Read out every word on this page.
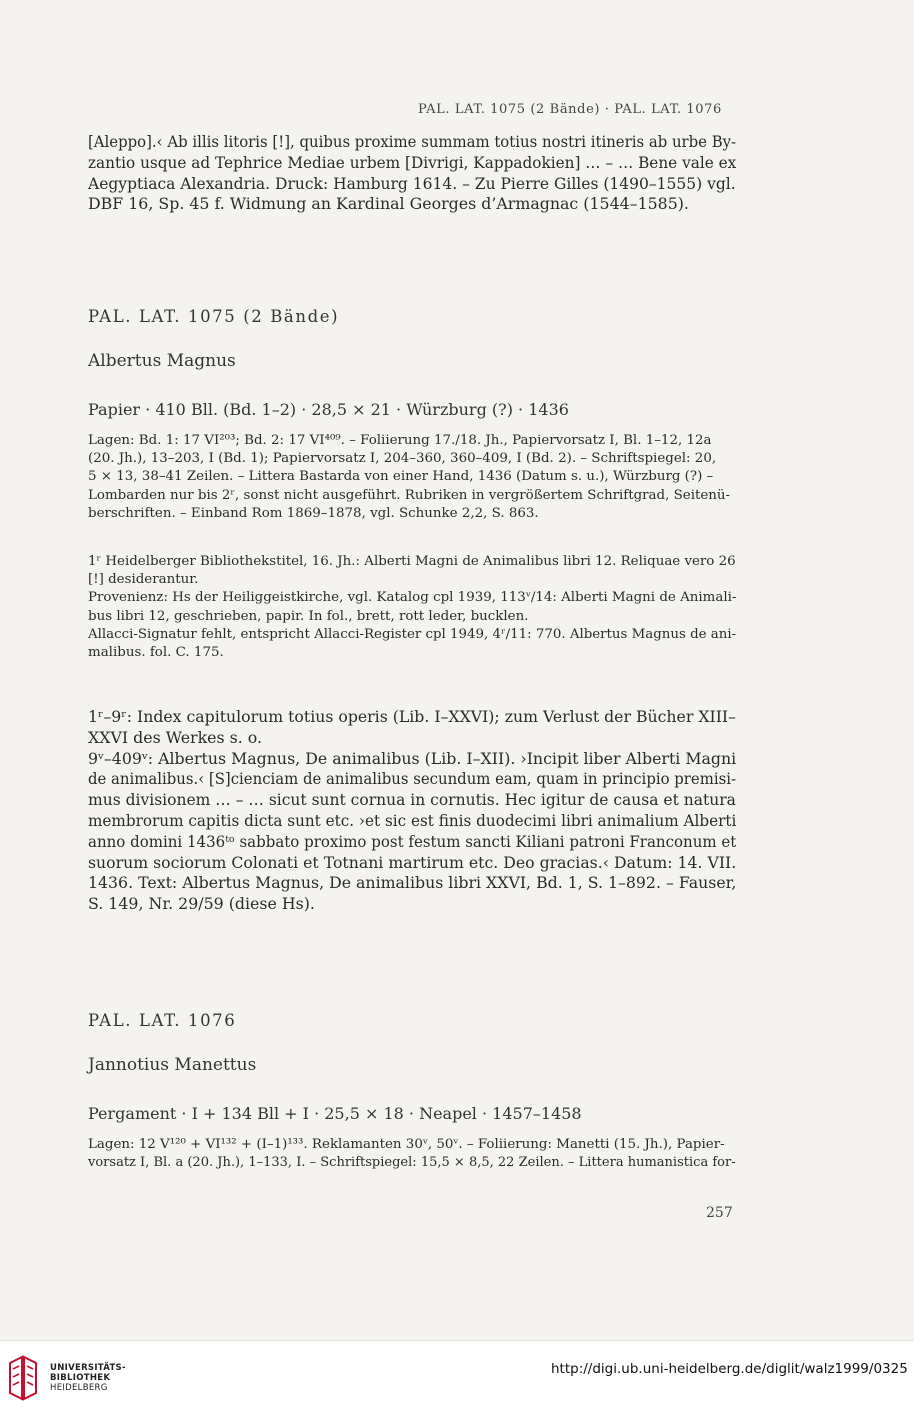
PAL. LAT. 1075 (2 Bände) · PAL. LAT. 1076
[Aleppo].‹ Ab illis litoris [!], quibus proxime summam totius nostri itineris ab urbe By-
zantio usque ad Tephrice Mediae urbem [Divrigi, Kappadokien] … – … Bene vale ex
Aegyptiaca Alexandria. Druck: Hamburg 1614. – Zu Pierre Gilles (1490–1555) vgl.
DBF 16, Sp. 45 f. Widmung an Kardinal Georges d’Armagnac (1544–1585).
PAL. LAT. 1075 (2 Bände)
Albertus Magnus
Papier · 410 Bll. (Bd. 1–2) · 28,5 × 21 · Würzburg (?) · 1436
Lagen: Bd. 1: 17 VI²⁰³; Bd. 2: 17 VI⁴⁰⁹. – Foliierung 17./18. Jh., Papiervorsatz I, Bl. 1–12, 12a
(20. Jh.), 13–203, I (Bd. 1); Papiervorsatz I, 204–360, 360–409, I (Bd. 2). – Schriftspiegel: 20,
5 × 13, 38–41 Zeilen. – Littera Bastarda von einer Hand, 1436 (Datum s. u.), Würzburg (?) –
Lombarden nur bis 2ʳ, sonst nicht ausgeführt. Rubriken in vergrößertem Schriftgrad, Seitenü-
berschriften. – Einband Rom 1869–1878, vgl. Schunke 2,2, S. 863.
1ʳ Heidelberger Bibliothekstitel, 16. Jh.: Alberti Magni de Animalibus libri 12. Reliquae vero 26
[!] desiderantur.
Provenienz: Hs der Heiliggeistkirche, vgl. Katalog cpl 1939, 113ᵛ/14: Alberti Magni de Animali-
bus libri 12, geschrieben, papir. In fol., brett, rott leder, bucklen.
Allacci-Signatur fehlt, entspricht Allacci-Register cpl 1949, 4ʳ/11: 770. Albertus Magnus de ani-
malibus. fol. C. 175.
1ʳ–9ʳ: Index capitulorum totius operis (Lib. I–XXVI); zum Verlust der Bücher XIII–
XXVI des Werkes s. o.
9ᵛ–409ᵛ: Albertus Magnus, De animalibus (Lib. I–XII). ›Incipit liber Alberti Magni
de animalibus.‹ [S]cienciam de animalibus secundum eam, quam in principio premisi-
mus divisionem … – … sicut sunt cornua in cornutis. Hec igitur de causa et natura
membrorum capitis dicta sunt etc. ›et sic est finis duodecimi libri animalium Alberti
anno domini 1436ᵗᵒ sabbato proximo post festum sancti Kiliani patroni Franconum et
suorum sociorum Colonati et Totnani martirum etc. Deo gracias.‹ Datum: 14. VII.
1436. Text: Albertus Magnus, De animalibus libri XXVI, Bd. 1, S. 1–892. – Fauser,
S. 149, Nr. 29/59 (diese Hs).
PAL. LAT. 1076
Jannotius Manettus
Pergament · I + 134 Bll + I · 25,5 × 18 · Neapel · 1457–1458
Lagen: 12 V¹²⁰ + VI¹³² + (I–1)¹³³. Reklamanten 30ᵛ, 50ᵛ. – Foliierung: Manetti (15. Jh.), Papier-
vorsatz I, Bl. a (20. Jh.), 1–133, I. – Schriftspiegel: 15,5 × 8,5, 22 Zeilen. – Littera humanistica for-
257
UNIVERSITÄTS-
BIBLIOTHEK
HEIDELBERG
http://digi.ub.uni-heidelberg.de/diglit/walz1999/0325
